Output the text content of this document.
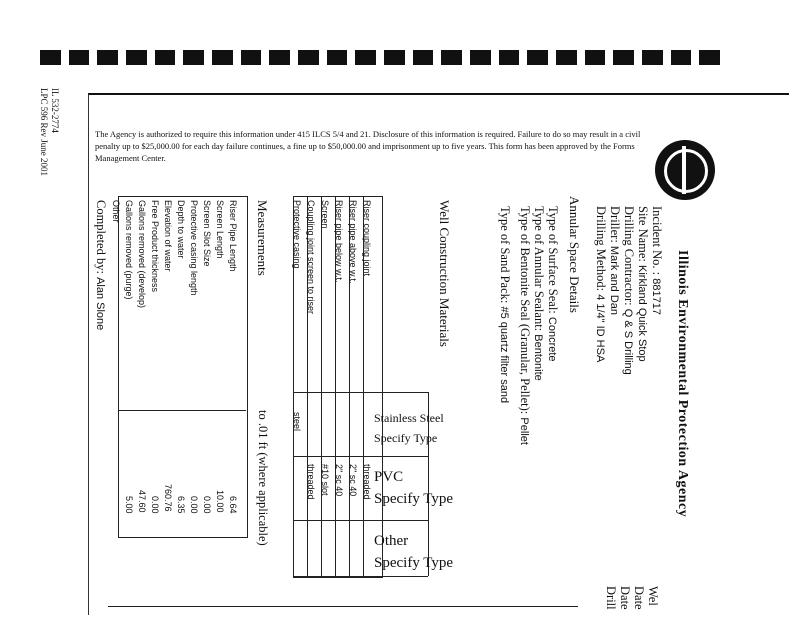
IL 532-2774
LPC 596 Rev June 2001	The Agency is authorized to require this information under 415 ILCS 5/4 and 21. Disclosure of this information is required. Failure to do so may result in a civil penalty up to $25,000.00 for each day failure continues, a fine up to $50,000.00 and imprisonment up to five years. This form has been approved by the Forms Management Center.
Illinois Environmental Protection Agency
Incident No. : 881717
Site Name: Kirkland Quick Stop
Drilling Contractor: Q & S Drilling
Driller: Mark and Dan
Drilling Method: 4 1/4" ID HSA
Wel
Date
Date
Drill
Annular Space Details
Type of Surface Seal: Concrete
Type of Annular Sealant: Bentonite
Type of Bentonite Seal (Granular, Pellet): Pellet
Type of Sand Pack: #5 quartz filter sand
Well Construction Materials
Stainless Steel
Specify Type
PVC
Specify Type
Other
Specify Type
Riser coupling joint
Riser pipe above w.t.
Riser pipe below w.t.
Screen
Coupling joint screen to riser
Protective casing
steel
threaded
2" sc 40
2" sc 40
#10 slot
threaded
Measurements
to .01 ft (where applicable)
Riser Pipe Length
Screen Length
Screen Slot Size
Protective casing length
Depth to water
Elevation of water
Free Product thickness
Gallons removed (develop)
Gallons removed (purge)
Other
6.64
10.00
0.00
0.00
6.35
760.76
0.00
47.60
5.00
Completed by: Alan Slone
